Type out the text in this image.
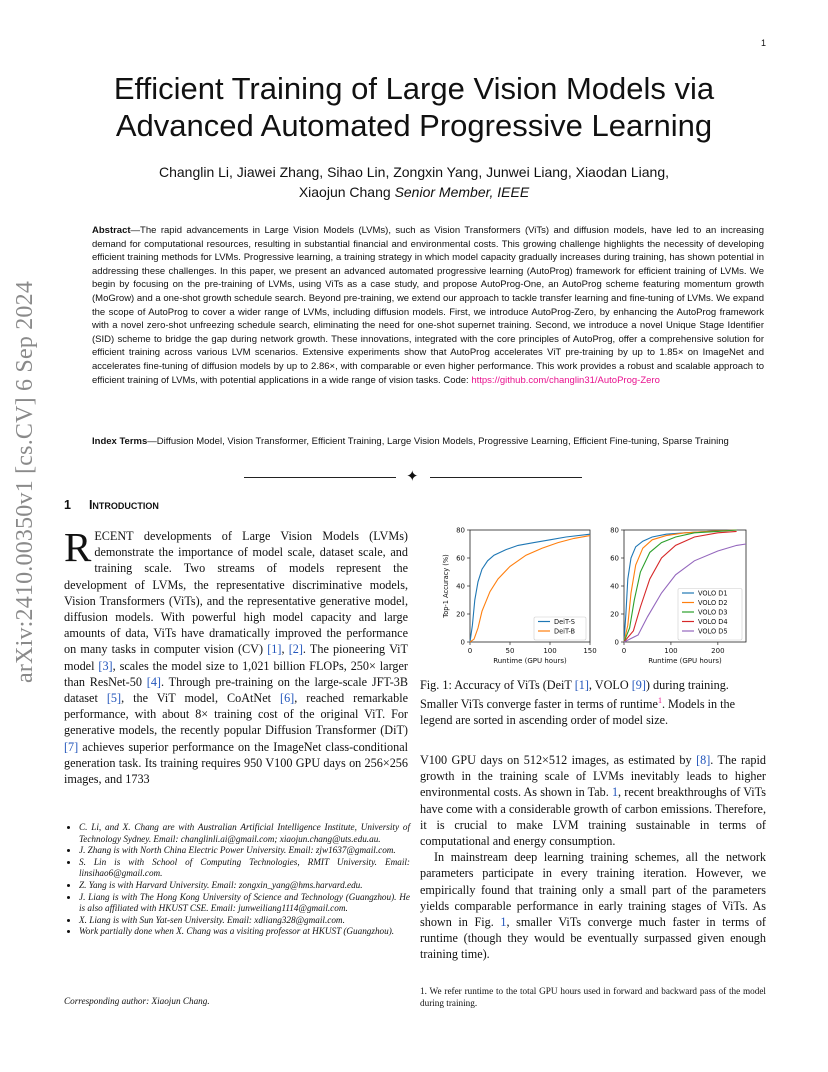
1
arXiv:2410.00350v1 [cs.CV] 6 Sep 2024
Efficient Training of Large Vision Models via Advanced Automated Progressive Learning
Changlin Li, Jiawei Zhang, Sihao Lin, Zongxin Yang, Junwei Liang, Xiaodan Liang,
Xiaojun Chang Senior Member, IEEE
Abstract—The rapid advancements in Large Vision Models (LVMs), such as Vision Transformers (ViTs) and diffusion models, have led to an increasing demand for computational resources, resulting in substantial financial and environmental costs. This growing challenge highlights the necessity of developing efficient training methods for LVMs. Progressive learning, a training strategy in which model capacity gradually increases during training, has shown potential in addressing these challenges. In this paper, we present an advanced automated progressive learning (AutoProg) framework for efficient training of LVMs. We begin by focusing on the pre-training of LVMs, using ViTs as a case study, and propose AutoProg-One, an AutoProg scheme featuring momentum growth (MoGrow) and a one-shot growth schedule search. Beyond pre-training, we extend our approach to tackle transfer learning and fine-tuning of LVMs. We expand the scope of AutoProg to cover a wider range of LVMs, including diffusion models. First, we introduce AutoProg-Zero, by enhancing the AutoProg framework with a novel zero-shot unfreezing schedule search, eliminating the need for one-shot supernet training. Second, we introduce a novel Unique Stage Identifier (SID) scheme to bridge the gap during network growth. These innovations, integrated with the core principles of AutoProg, offer a comprehensive solution for efficient training across various LVM scenarios. Extensive experiments show that AutoProg accelerates ViT pre-training by up to 1.85× on ImageNet and accelerates fine-tuning of diffusion models by up to 2.86×, with comparable or even higher performance. This work provides a robust and scalable approach to efficient training of LVMs, with potential applications in a wide range of vision tasks. Code: https://github.com/changlin31/AutoProg-Zero
Index Terms—Diffusion Model, Vision Transformer, Efficient Training, Large Vision Models, Progressive Learning, Efficient Fine-tuning, Sparse Training
✦
1 Introduction
RECENT developments of Large Vision Models (LVMs) demonstrate the importance of model scale, dataset scale, and training scale. Two streams of models represent the development of LVMs, the representative discriminative models, Vision Transformers (ViTs), and the representative generative model, diffusion models. With powerful high model capacity and large amounts of data, ViTs have dramatically improved the performance on many tasks in computer vision (CV) [1], [2]. The pioneering ViT model [3], scales the model size to 1,021 billion FLOPs, 250× larger than ResNet-50 [4]. Through pre-training on the large-scale JFT-3B dataset [5], the ViT model, CoAtNet [6], reached remarkable performance, with about 8× training cost of the original ViT. For generative models, the recently popular Diffusion Transformer (DiT) [7] achieves superior performance on the ImageNet class-conditional generation task. Its training requires 950 V100 GPU days on 256×256 images, and 1733
• C. Li, and X. Chang are with Australian Artificial Intelligence Institute, University of Technology Sydney. Email: changlinli.ai@gmail.com; xiaojun.chang@uts.edu.au.
• J. Zhang is with North China Electric Power University. Email: zjw1637@gmail.com.
• S. Lin is with School of Computing Technologies, RMIT University. Email: linsihao6@gmail.com.
• Z. Yang is with Harvard University. Email: zongxin_yang@hms.harvard.edu.
• J. Liang is with The Hong Kong University of Science and Technology (Guangzhou). He is also affiliated with HKUST CSE. Email: junweiliang1114@gmail.com.
• X. Liang is with Sun Yat-sen University. Email: xdliang328@gmail.com.
• Work partially done when X. Chang was a visiting professor at HKUST (Guangzhou).
Corresponding author: Xiaojun Chang.
0
20
40
60
80
0	50	100	150
Runtime (GPU hours)
Top-1 Accuracy (%)
DeiT-S
DeiT-B
0
20
40
60
80
0	100	200
Runtime (GPU hours)
VOLO D1
VOLO D2
VOLO D3
VOLO D4
VOLO D5
Fig. 1: Accuracy of ViTs (DeiT [1], VOLO [9]) during training. Smaller ViTs converge faster in terms of runtime$^1$. Models in the legend are sorted in ascending order of model size.

V100 GPU days on 512×512 images, as estimated by [8]. The rapid growth in the training scale of LVMs inevitably leads to higher environmental costs. As shown in Tab. 1, recent breakthroughs of ViTs have come with a considerable growth of carbon emissions. Therefore, it is crucial to make LVM training sustainable in terms of computational and energy consumption.

In mainstream deep learning training schemes, all the network parameters participate in every training iteration. However, we empirically found that training only a small part of the parameters yields comparable performance in early training stages of ViTs. As shown in Fig. 1, smaller ViTs converge much faster in terms of runtime (though they would be eventually surpassed given enough training time).

1. We refer runtime to the total GPU hours used in forward and backward pass of the model during training.
